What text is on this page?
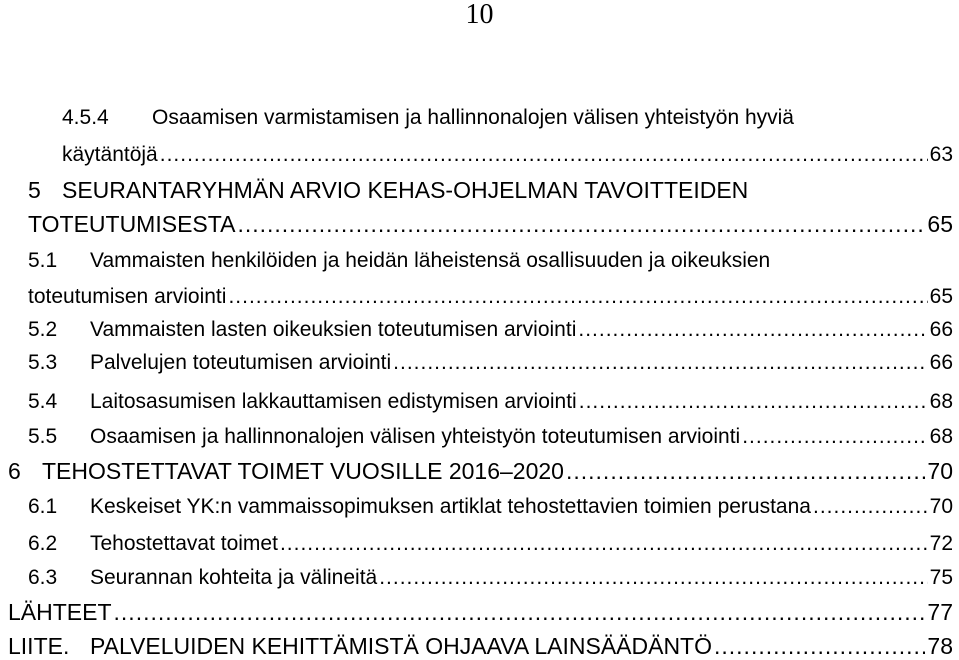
10
4.5.4 Osaamisen varmistamisen ja hallinnonalojen välisen yhteistyön hyviä
käytäntöjä .....	63
5 SEURANTARYHMÄN ARVIO KEHAS-OHJELMAN TAVOITTEIDEN
TOTEUTUMISESTA .....	65
5.1 Vammaisten henkilöiden ja heidän läheistensä osallisuuden ja oikeuksien
toteutumisen arviointi .....	65
5.2 Vammaisten lasten oikeuksien toteutumisen arviointi .....	66
5.3 Palvelujen toteutumisen arviointi .....	66
5.4 Laitosasumisen lakkauttamisen edistymisen arviointi .....	68
5.5 Osaamisen ja hallinnonalojen välisen yhteistyön toteutumisen arviointi .....	68
6 TEHOSTETTAVAT TOIMET VUOSILLE 2016–2020 .....	70
6.1 Keskeiset YK:n vammaissopimuksen artiklat tehostettavien toimien perustana .....	70
6.2 Tehostettavat toimet .....	72
6.3 Seurannan kohteita ja välineitä .....	75
LÄHTEET .....	77
LIITE. PALVELUIDEN KEHITTÄMISTÄ OHJAAVA LAINSÄÄDÄNTÖ .....	78
